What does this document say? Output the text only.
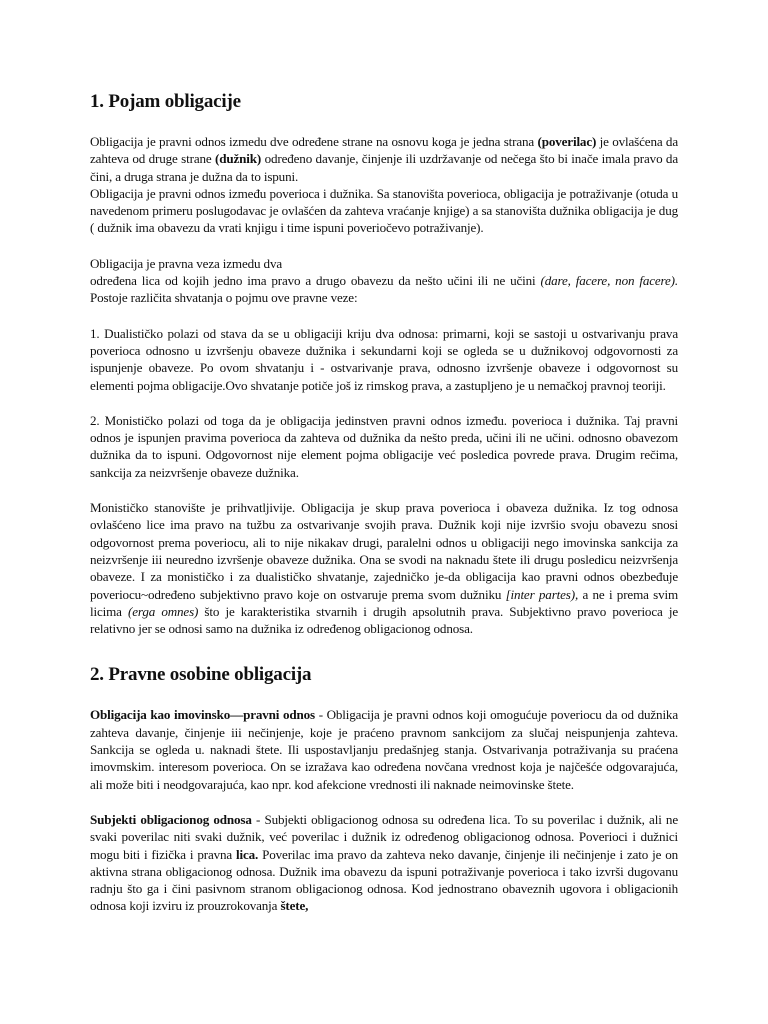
1. Pojam obligacije

Obligacija je pravni odnos izmedu dve određene strane na osnovu koga je jedna strana (poverilac) je ovlašćena da zahteva od druge strane (dužnik) određeno davanje, činjenje ili uzdržavanje od nečega što bi inače imala pravo da čini, a druga strana je dužna da to ispuni.
Obligacija je pravni odnos između poverioca i dužnika. Sa stanovišta poverioca, obligacija je potraživanje (otuda u navedenom primeru poslugodavac je ovlašćen da zahteva vraćanje knjige) a sa stanovišta dužnika obligacija je dug ( dužnik ima obavezu da vrati knjigu i time ispuni poveriočevo potraživanje).

Obligacija je pravna veza izmedu dva
određena lica od kojih jedno ima pravo a drugo obavezu da nešto učini ili ne učini (dare, facere, non facere). Postoje različita shvatanja o pojmu ove pravne veze:

1. Dualističko polazi od stava da se u obligaciji kriju dva odnosa: primarni, koji se sastoji u ostvarivanju prava poverioca odnosno u izvršenju obaveze dužnika i sekundarni koji se ogleda se u dužnikovoj odgovornosti za ispunjenje obaveze. Po ovom shvatanju i - ostvarivanje prava, odnosno izvršenje obaveze i odgovornost su elementi pojma obligacije.Ovo shvatanje potiče još iz rimskog prava, a zastupljeno je u nemačkoj pravnoj teoriji.

2. Monističko polazi od toga da je obligacija jedinstven pravni odnos između. poverioca i dužnika. Taj pravni odnos je ispunjen pravima poverioca da zahteva od dužnika da nešto preda, učini ili ne učini. odnosno obavezom dužnika da to ispuni. Odgovornost nije element pojma obligacije već posledica povrede prava. Drugim rečima, sankcija za neizvršenje obaveze dužnika.

Monističko stanovište je prihvatljivije. Obligacija je skup prava poverioca i obaveza dužnika. Iz tog odnosa ovlašćeno lice ima pravo na tužbu za ostvarivanje svojih prava. Dužnik koji nije izvršio svoju obavezu snosi odgovornost prema poveriocu, ali to nije nikakav drugi, paralelni odnos u obligaciji nego imovinska sankcija za neizvršenje iii neuredno izvršenje obaveze dužnika. Ona se svodi na naknadu štete ili drugu posledicu neizvršenja obaveze. I za monističko i za dualističko shvatanje, zajedničko je-da obligacija kao pravni odnos obezbeđuje poveriocu~određeno subjektivno pravo koje on ostvaruje prema svom dužniku [inter partes), a ne i prema svim licima (erga omnes) što je karakteristika stvarnih i drugih apsolutnih prava. Subjektivno pravo poverioca je relativno jer se odnosi samo na dužnika iz određenog obligacionog odnosa.

2. Pravne osobine obligacija

Obligacija kao imovinsko—pravni odnos - Obligacija je pravni odnos koji omogućuje poveriocu da od dužnika zahteva davanje, činjenje iii nečinjenje, koje je praćeno pravnom sankcijom za slučaj neispunjenja zahteva. Sankcija se ogleda u. naknadi štete. Ili uspostavljanju predašnjeg stanja. Ostvarivanja potraživanja su praćena imovmskim. interesom poverioca. On se izražava kao određena novčana vrednost koja je najčešće odgovarajuća, ali može biti i neodgovarajuća, kao npr. kod afekcione vrednosti ili naknade neimovinske štete.

Subjekti obligacionog odnosa - Subjekti obligacionog odnosa su određena lica. To su poverilac i dužnik, ali ne svaki poverilac niti svaki dužnik, već poverilac i dužnik iz određenog obligacionog odnosa. Poverioci i dužnici mogu biti i fizička i pravna lica. Poverilac ima pravo da zahteva neko davanje, činjenje ili nečinjenje i zato je on aktivna strana obligacionog odnosa. Dužnik ima obavezu da ispuni potraživanje poverioca i tako izvrši dugovanu radnju što ga i čini pasivnom stranom obligacionog odnosa. Kod jednostrano obaveznih ugovora i obligacionih odnosa koji izviru iz prouzrokovanja štete,
